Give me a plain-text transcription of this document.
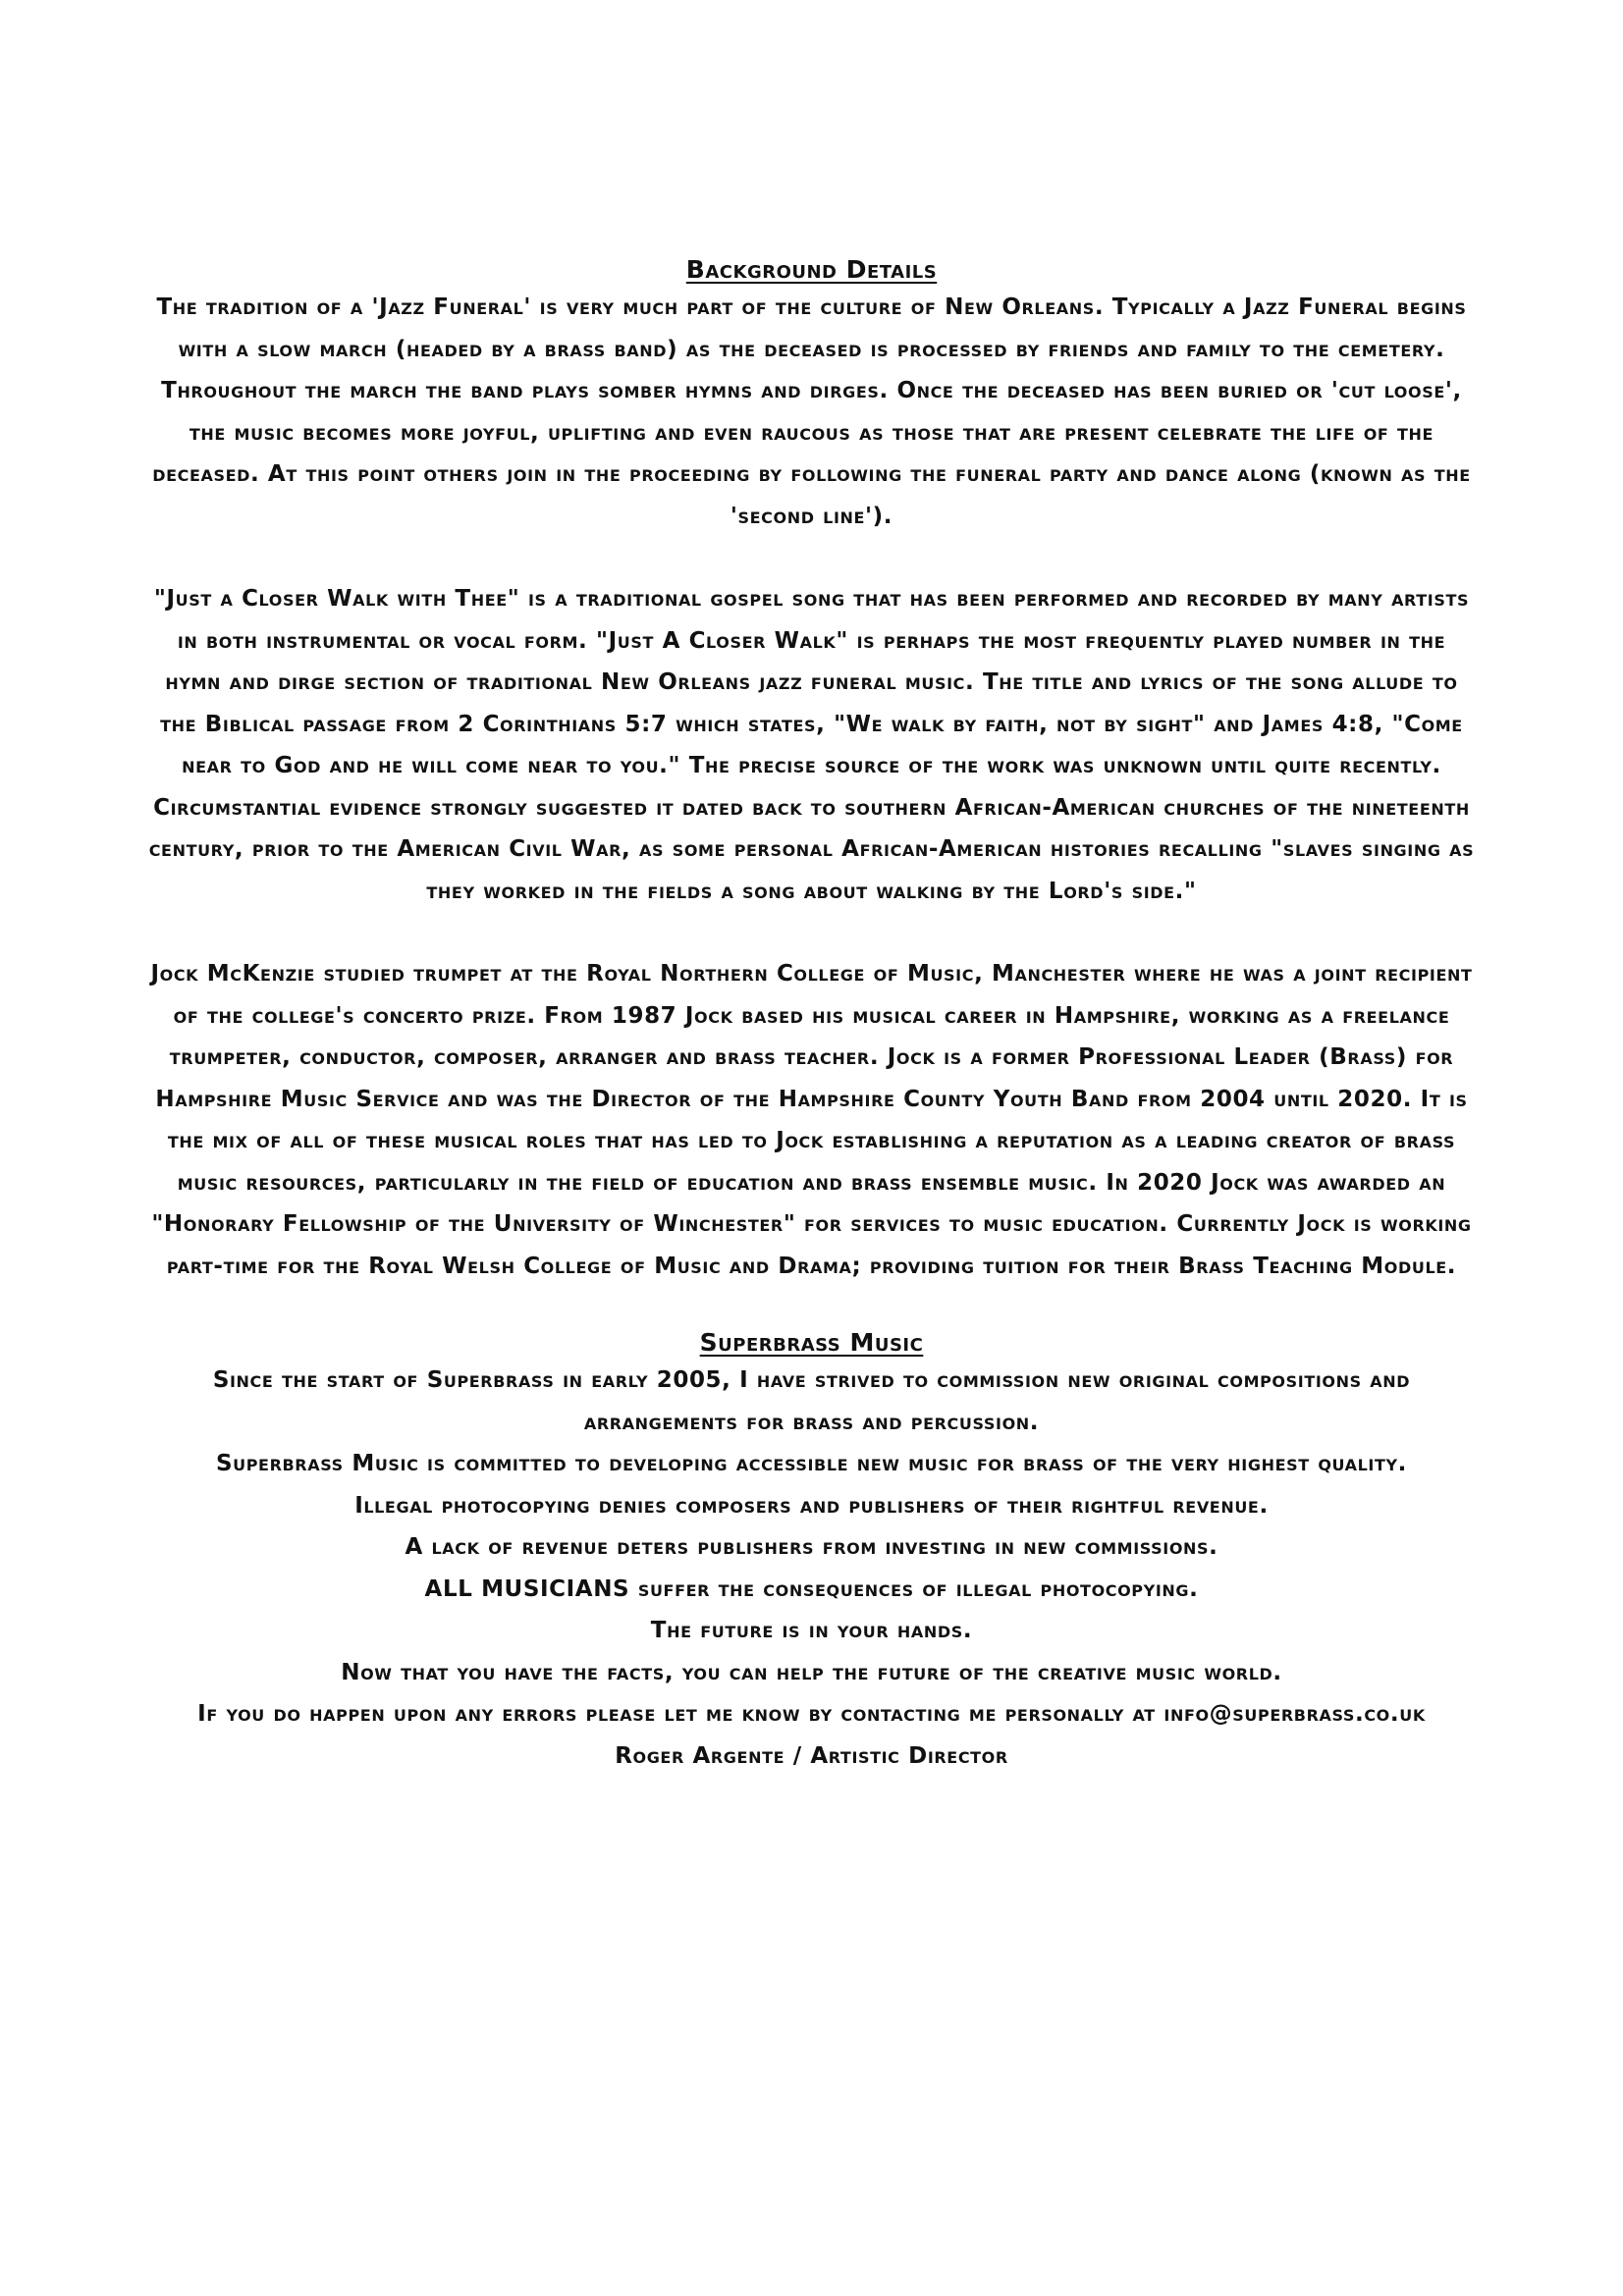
Background Details

The tradition of a 'Jazz Funeral' is very much part of the culture of New Orleans. Typically a Jazz Funeral begins with a slow march (headed by a brass band) as the deceased is processed by friends and family to the cemetery. Throughout the march the band plays somber hymns and dirges. Once the deceased has been buried or 'cut loose', the music becomes more joyful, uplifting and even raucous as those that are present celebrate the life of the deceased. At this point others join in the proceeding by following the funeral party and dance along (known as the 'second line').

"Just a Closer Walk with Thee" is a traditional gospel song that has been performed and recorded by many artists in both instrumental or vocal form. "Just A Closer Walk" is perhaps the most frequently played number in the hymn and dirge section of traditional New Orleans jazz funeral music. The title and lyrics of the song allude to the Biblical passage from 2 Corinthians 5:7 which states, "We walk by faith, not by sight" and James 4:8, "Come near to God and he will come near to you." The precise source of the work was unknown until quite recently. Circumstantial evidence strongly suggested it dated back to southern African-American churches of the nineteenth century, prior to the American Civil War, as some personal African-American histories recalling "slaves singing as they worked in the fields a song about walking by the Lord's side."

Jock McKenzie studied trumpet at the Royal Northern College of Music, Manchester where he was a joint recipient of the college's concerto prize. From 1987 Jock based his musical career in Hampshire, working as a freelance trumpeter, conductor, composer, arranger and brass teacher. Jock is a former Professional Leader (Brass) for Hampshire Music Service and was the Director of the Hampshire County Youth Band from 2004 until 2020. It is the mix of all of these musical roles that has led to Jock establishing a reputation as a leading creator of brass music resources, particularly in the field of education and brass ensemble music. In 2020 Jock was awarded an "Honorary Fellowship of the University of Winchester" for services to music education. Currently Jock is working part-time for the Royal Welsh College of Music and Drama; providing tuition for their Brass Teaching Module.

Superbrass Music

Since the start of Superbrass in early 2005, I have strived to commission new original compositions and arrangements for brass and percussion.

Superbrass Music is committed to developing accessible new music for brass of the very highest quality.

Illegal photocopying denies composers and publishers of their rightful revenue.

A lack of revenue deters publishers from investing in new commissions.

ALL MUSICIANS suffer the consequences of illegal photocopying.

The future is in your hands.

Now that you have the facts, you can help the future of the creative music world.

If you do happen upon any errors please let me know by contacting me personally at info@superbrass.co.uk

Roger Argente / Artistic Director
